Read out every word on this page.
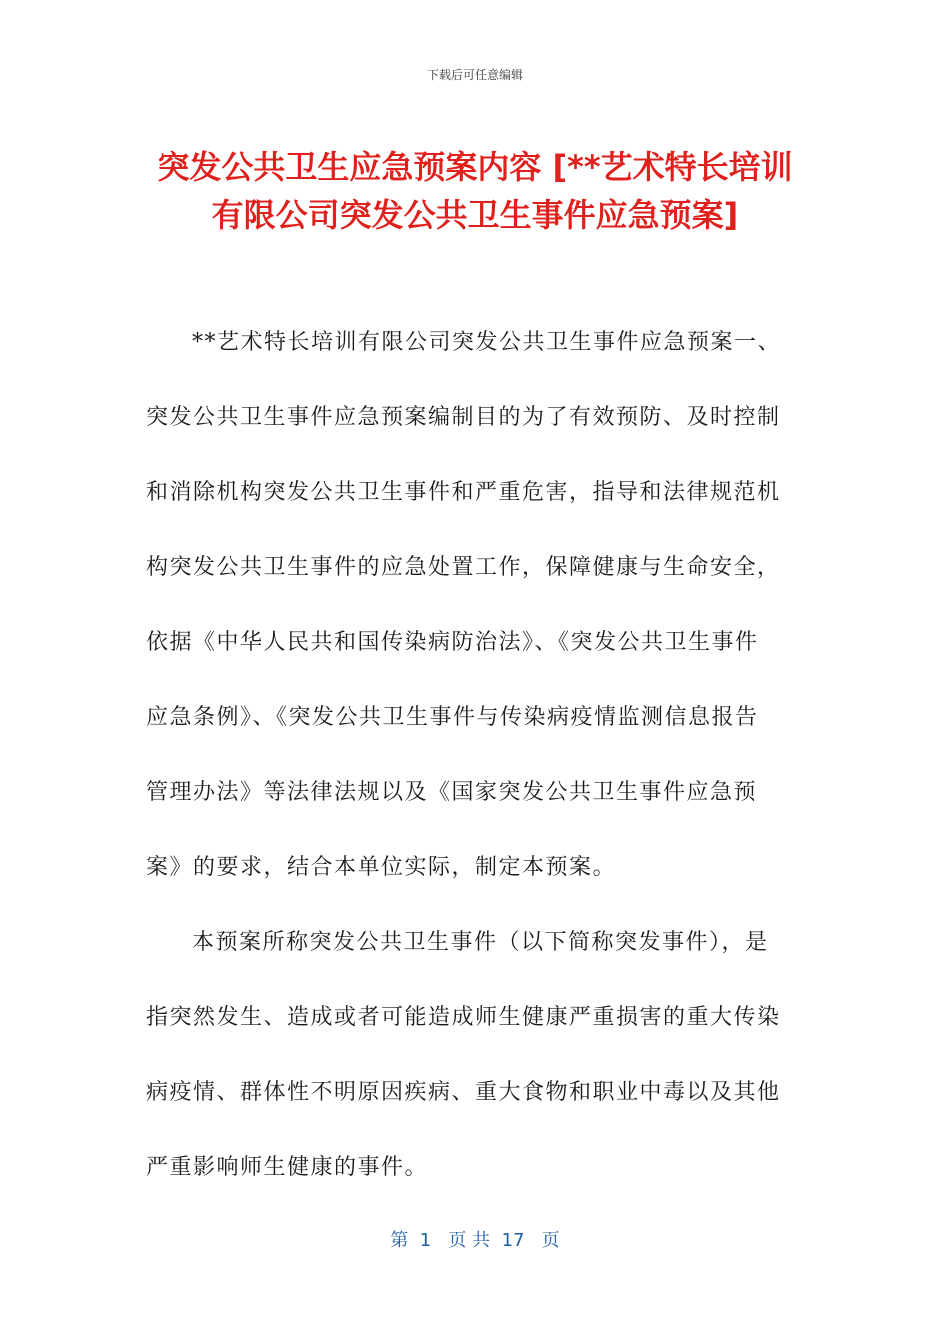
下载后可任意编辑
突发公共卫生应急预案内容 [**艺术特长培训
有限公司突发公共卫生事件应急预案]
**艺术特长培训有限公司突发公共卫生事件应急预案一、
突发公共卫生事件应急预案编制目的为了有效预防、及时控制
和消除机构突发公共卫生事件和严重危害，指导和法律规范机
构突发公共卫生事件的应急处置工作，保障健康与生命安全，
依据《中华人民共和国传染病防治法》、《突发公共卫生事件
应急条例》、《突发公共卫生事件与传染病疫情监测信息报告
管理办法》等法律法规以及《国家突发公共卫生事件应急预
案》的要求，结合本单位实际，制定本预案。
本预案所称突发公共卫生事件（以下简称突发事件），是
指突然发生、造成或者可能造成师生健康严重损害的重大传染
病疫情、群体性不明原因疾病、重大食物和职业中毒以及其他
严重影响师生健康的事件。
第  1   页 共  17   页
